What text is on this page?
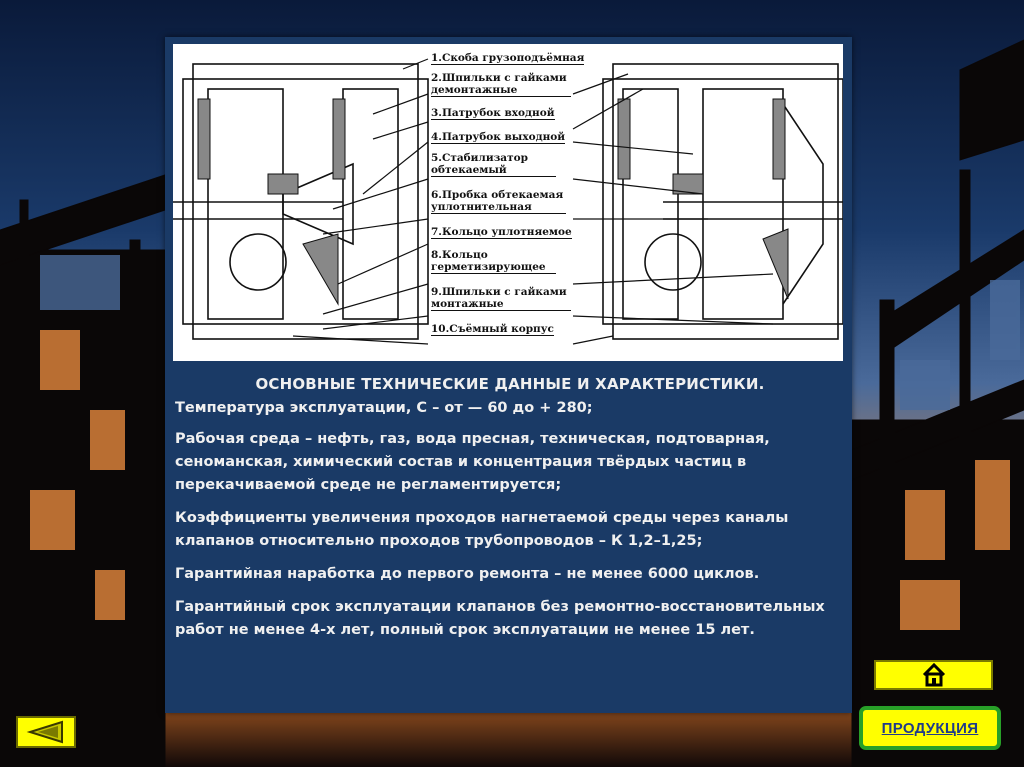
1.Скоба грузоподъёмная
2.Шпильки с гайками демонтажные
3.Патрубок входной
4.Патрубок выходной
5.Стабилизатор обтекаемый
6.Пробка обтекаемая уплотнительная
7.Кольцо уплотняемое
8.Кольцо герметизирующее
9.Шпильки с гайками монтажные
10.Съёмный корпус
ОСНОВНЫЕ ТЕХНИЧЕСКИЕ ДАННЫЕ И ХАРАКТЕРИСТИКИ.

Температура эксплуатации, С – от — 60 до + 280;

Рабочая среда – нефть, газ, вода пресная, техническая, подтоварная, сеноманская, химический состав и концентрация твёрдых частиц в перекачиваемой среде не регламентируется;

Коэффициенты увеличения проходов нагнетаемой среды через каналы клапанов относительно проходов трубопроводов – К 1,2–1,25;

Гарантийная наработка до первого ремонта – не менее 6000 циклов.

Гарантийный срок эксплуатации клапанов без ремонтно-восстановительных работ не менее 4-х лет, полный срок эксплуатации не менее 15 лет.

ПРОДУКЦИЯ
